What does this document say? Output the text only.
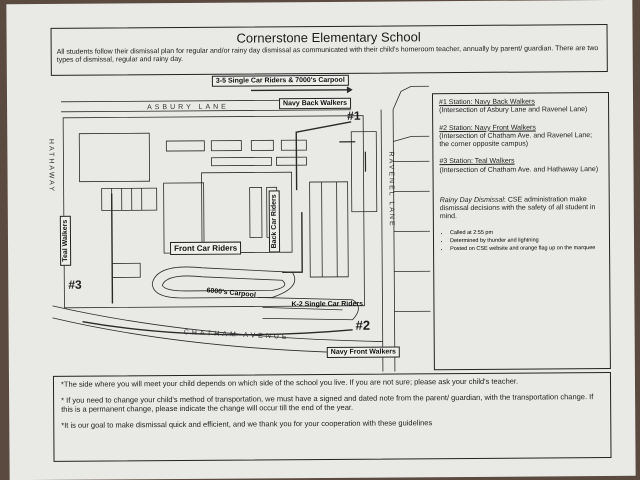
Cornerstone Elementary School
All students follow their dismissal plan for regular and/or rainy day dismissal as communicated with their child's homeroom teacher, annually by parent/ guardian. There are two types of dismissal, regular and rainy day.
ASBURY LANE
RAVENEL LANE
CHATHAM AVENUE
HATHAWAY
3-5 Single Car Riders & 7000's Carpool
Navy Back Walkers
Front Car Riders	Back Car Riders
Teal Walkers
6000's Carpool
K-2 Single Car Riders
Navy Front Walkers
#1
#2
#3
#1 Station: Navy Back Walkers
(Intersection of Asbury Lane and Ravenel Lane)
#2 Station: Navy Front Walkers
(Intersection of Chatham Ave. and Ravenel Lane; the corner opposite campus)
#3 Station: Teal Walkers
(Intersection of Chatham Ave. and Hathaway Lane)
Rainy Day Dismissal: CSE administration make dismissal decisions with the safety of all student in mind.
• Called at 2:55 pm
• Determined by thunder and lightning
• Posted on CSE website and orange flag up on the marquee
*The side where you will meet your child depends on which side of the school you live. If you are not sure; please ask your child's teacher.
* If you need to change your child's method of transportation, we must have a signed and dated note from the parent/ guardian, with the transportation change. If this is a permanent change, please indicate the change will occur till the end of the year.
*It is our goal to make dismissal quick and efficient, and we thank you for your cooperation with these guidelines
